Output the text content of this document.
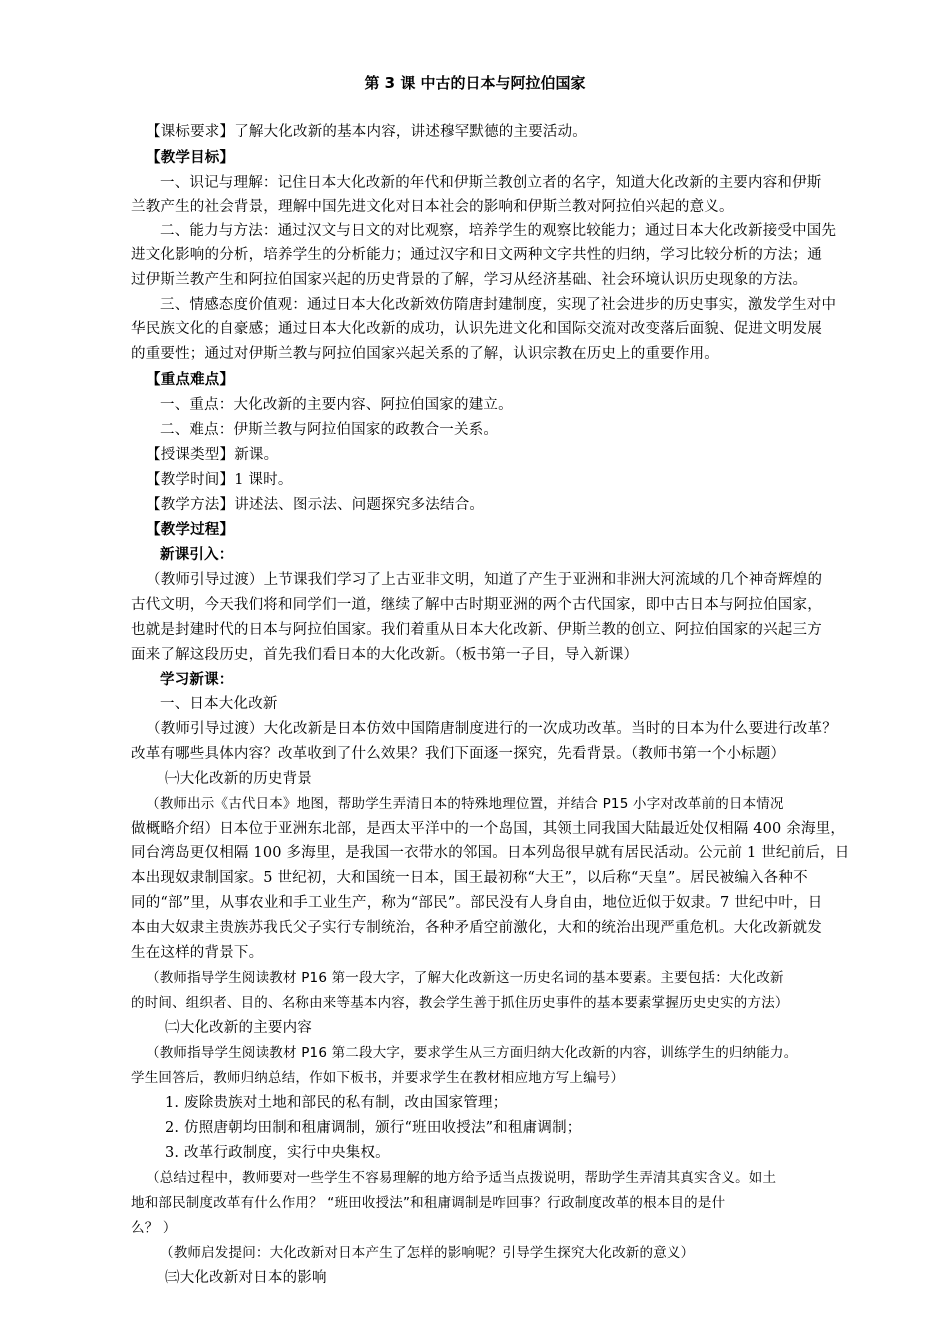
第 3 课 中古的日本与阿拉伯国家
【课标要求】了解大化改新的基本内容，讲述穆罕默德的主要活动。
【教学目标】
一、识记与理解：记住日本大化改新的年代和伊斯兰教创立者的名字，知道大化改新的主要内容和伊斯
兰教产生的社会背景，理解中国先进文化对日本社会的影响和伊斯兰教对阿拉伯兴起的意义。
二、能力与方法：通过汉文与日文的对比观察，培养学生的观察比较能力；通过日本大化改新接受中国先
进文化影响的分析，培养学生的分析能力；通过汉字和日文两种文字共性的归纳，学习比较分析的方法；通
过伊斯兰教产生和阿拉伯国家兴起的历史背景的了解，学习从经济基础、社会环境认识历史现象的方法。
三、情感态度价值观：通过日本大化改新效仿隋唐封建制度，实现了社会进步的历史事实，激发学生对中
华民族文化的自豪感；通过日本大化改新的成功，认识先进文化和国际交流对改变落后面貌、促进文明发展
的重要性；通过对伊斯兰教与阿拉伯国家兴起关系的了解，认识宗教在历史上的重要作用。
【重点难点】
一、重点：大化改新的主要内容、阿拉伯国家的建立。
二、难点：伊斯兰教与阿拉伯国家的政教合一关系。
【授课类型】新课。
【教学时间】1 课时。
【教学方法】讲述法、图示法、问题探究多法结合。
【教学过程】
新课引入：
（教师引导过渡）上节课我们学习了上古亚非文明，知道了产生于亚洲和非洲大河流域的几个神奇辉煌的
古代文明，今天我们将和同学们一道，继续了解中古时期亚洲的两个古代国家，即中古日本与阿拉伯国家，
也就是封建时代的日本与阿拉伯国家。我们着重从日本大化改新、伊斯兰教的创立、阿拉伯国家的兴起三方
面来了解这段历史，首先我们看日本的大化改新。（板书第一子目，导入新课）
学习新课：
一、日本大化改新
（教师引导过渡）大化改新是日本仿效中国隋唐制度进行的一次成功改革。当时的日本为什么要进行改革？
改革有哪些具体内容？改革收到了什么效果？我们下面逐一探究，先看背景。（教师书第一个小标题）
㈠大化改新的历史背景
（教师出示《古代日本》地图，帮助学生弄清日本的特殊地理位置，并结合 P15 小字对改革前的日本情况
做概略介绍）日本位于亚洲东北部，是西太平洋中的一个岛国，其领土同我国大陆最近处仅相隔 400 余海里，
同台湾岛更仅相隔 100 多海里，是我国一衣带水的邻国。日本列岛很早就有居民活动。公元前 1 世纪前后，日
本出现奴隶制国家。5 世纪初，大和国统一日本，国王最初称“大王”，以后称“天皇”。居民被编入各种不
同的“部”里，从事农业和手工业生产，称为“部民”。部民没有人身自由，地位近似于奴隶。7 世纪中叶，日
本由大奴隶主贵族苏我氏父子实行专制统治，各种矛盾空前激化，大和的统治出现严重危机。大化改新就发
生在这样的背景下。
（教师指导学生阅读教材 P16 第一段大字，了解大化改新这一历史名词的基本要素。主要包括：大化改新
的时间、组织者、目的、名称由来等基本内容，教会学生善于抓住历史事件的基本要素掌握历史史实的方法）
㈡大化改新的主要内容
（教师指导学生阅读教材 P16 第二段大字，要求学生从三方面归纳大化改新的内容，训练学生的归纳能力。
学生回答后，教师归纳总结，作如下板书，并要求学生在教材相应地方写上编号）
1. 废除贵族对土地和部民的私有制，改由国家管理；
2. 仿照唐朝均田制和租庸调制，颁行“班田收授法”和租庸调制；
3. 改革行政制度，实行中央集权。
（总结过程中，教师要对一些学生不容易理解的地方给予适当点拨说明，帮助学生弄清其真实含义。如土
地和部民制度改革有什么作用？ “班田收授法”和租庸调制是咋回事？行政制度改革的根本目的是什
么？ ）
（教师启发提问：大化改新对日本产生了怎样的影响呢？引导学生探究大化改新的意义）
㈢大化改新对日本的影响
